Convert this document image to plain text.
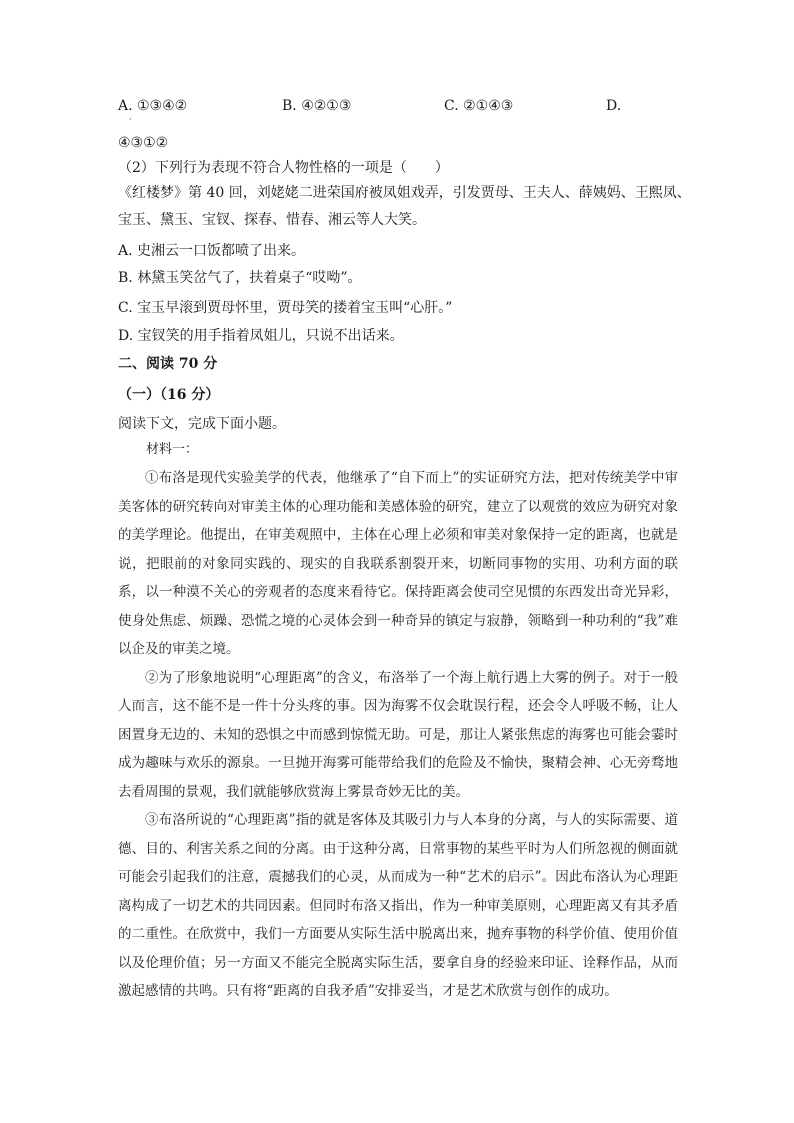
A. ①③④②	B. ④②①③	C. ②①④③	D.
·
④③①②
（2）下列行为表现不符合人物性格的一项是（　　）
《红楼梦》第 40 回，刘姥姥二进荣国府被凤姐戏弄，引发贾母、王夫人、薛姨妈、王熙凤、
宝玉、黛玉、宝钗、探春、惜春、湘云等人大笑。
A. 史湘云一口饭都喷了出来。
B. 林黛玉笑岔气了，扶着桌子“哎呦”。
C. 宝玉早滚到贾母怀里，贾母笑的搂着宝玉叫“心肝。”
D. 宝钗笑的用手指着凤姐儿，只说不出话来。
二、阅读 70 分
（一）（16 分）
阅读下文，完成下面小题。
材料一：

①布洛是现代实验美学的代表，他继承了“自下而上”的实证研究方法，把对传统美学中审美客体的研究转向对审美主体的心理功能和美感体验的研究，建立了以观赏的效应为研究对象的美学理论。他提出，在审美观照中，主体在心理上必须和审美对象保持一定的距离，也就是说，把眼前的对象同实践的、现实的自我联系割裂开来，切断同事物的实用、功利方面的联系，以一种漠不关心的旁观者的态度来看待它。保持距离会使司空见惯的东西发出奇光异彩，使身处焦虑、烦躁、恐慌之境的心灵体会到一种奇异的镇定与寂静，领略到一种功利的“我”难以企及的审美之境。

②为了形象地说明“心理距离”的含义，布洛举了一个海上航行遇上大雾的例子。对于一般人而言，这不能不是一件十分头疼的事。因为海雾不仅会耽误行程，还会令人呼吸不畅，让人困置身无边的、未知的恐惧之中而感到惊慌无助。可是，那让人紧张焦虑的海雾也可能会霎时成为趣味与欢乐的源泉。一旦抛开海雾可能带给我们的危险及不愉快，聚精会神、心无旁骛地去看周围的景观，我们就能够欣赏海上雾景奇妙无比的美。

③布洛所说的“心理距离”指的就是客体及其吸引力与人本身的分离，与人的实际需要、道德、目的、利害关系之间的分离。由于这种分离，日常事物的某些平时为人们所忽视的侧面就可能会引起我们的注意，震撼我们的心灵，从而成为一种“艺术的启示”。因此布洛认为心理距离构成了一切艺术的共同因素。但同时布洛又指出，作为一种审美原则，心理距离又有其矛盾的二重性。在欣赏中，我们一方面要从实际生活中脱离出来，抛弃事物的科学价值、使用价值以及伦理价值；另一方面又不能完全脱离实际生活，要拿自身的经验来印证、诠释作品，从而激起感情的共鸣。只有将“距离的自我矛盾”安排妥当，才是艺术欣赏与创作的成功。
